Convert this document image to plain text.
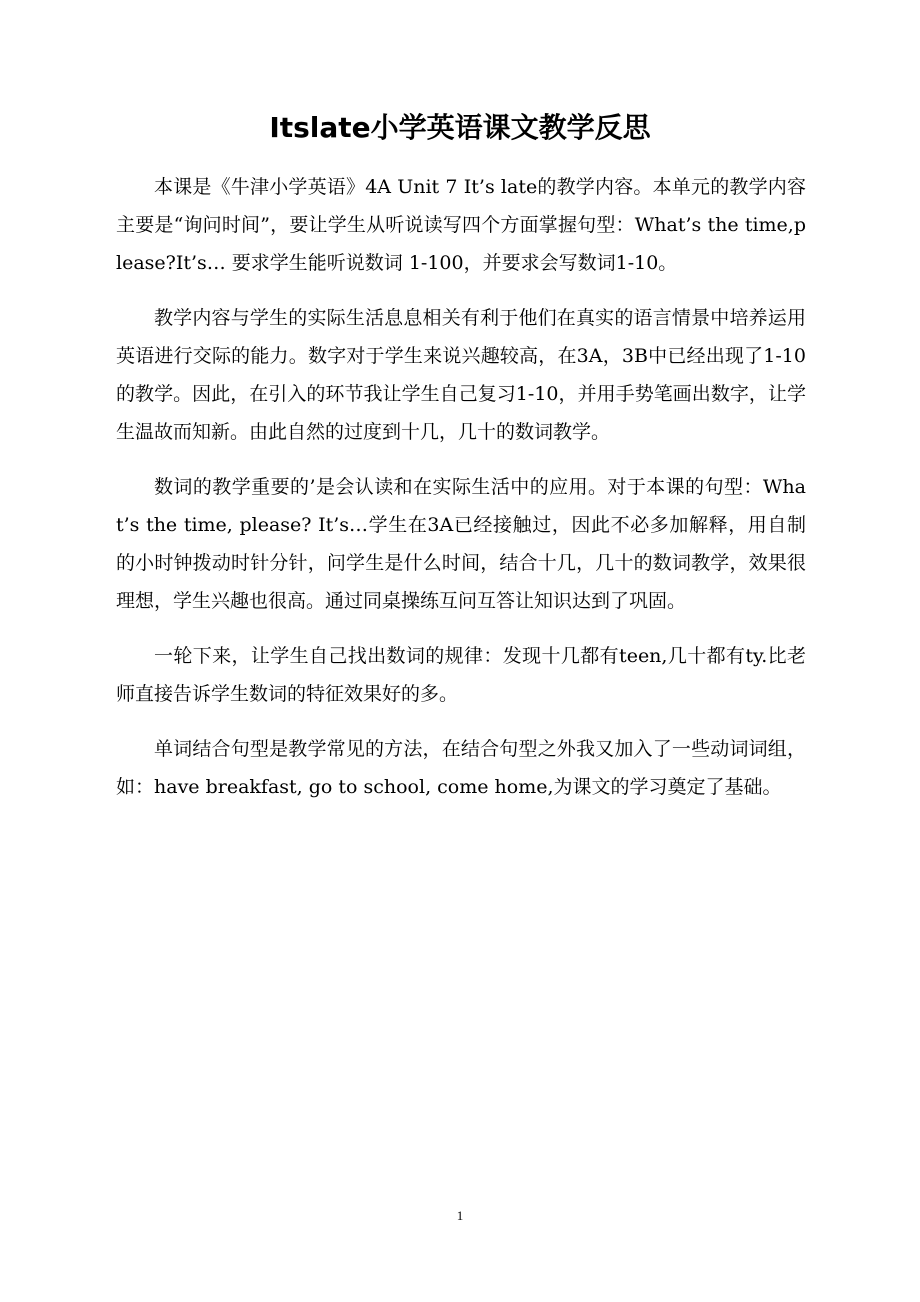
Itslate小学英语课文教学反思

本课是《牛津小学英语》4A Unit 7 It’s late的教学内容。本单元的教学内容主要是“询问时间”，要让学生从听说读写四个方面掌握句型：What’s the time,please?It’s… 要求学生能听说数词 1-100，并要求会写数词1-10。

教学内容与学生的实际生活息息相关有利于他们在真实的语言情景中培养运用英语进行交际的能力。数字对于学生来说兴趣较高，在3A，3B中已经出现了1-10的教学。因此，在引入的环节我让学生自己复习1-10，并用手势笔画出数字，让学生温故而知新。由此自然的过度到十几，几十的数词教学。

数词的教学重要的’是会认读和在实际生活中的应用。对于本课的句型：What’s the time, please? It’s…学生在3A已经接触过，因此不必多加解释，用自制的小时钟拨动时针分针，问学生是什么时间，结合十几，几十的数词教学，效果很理想，学生兴趣也很高。通过同桌操练互问互答让知识达到了巩固。

一轮下来，让学生自己找出数词的规律：发现十几都有teen,几十都有ty.比老师直接告诉学生数词的特征效果好的多。

单词结合句型是教学常见的方法，在结合句型之外我又加入了一些动词词组，如：have breakfast, go to school, come home,为课文的学习奠定了基础。

1
